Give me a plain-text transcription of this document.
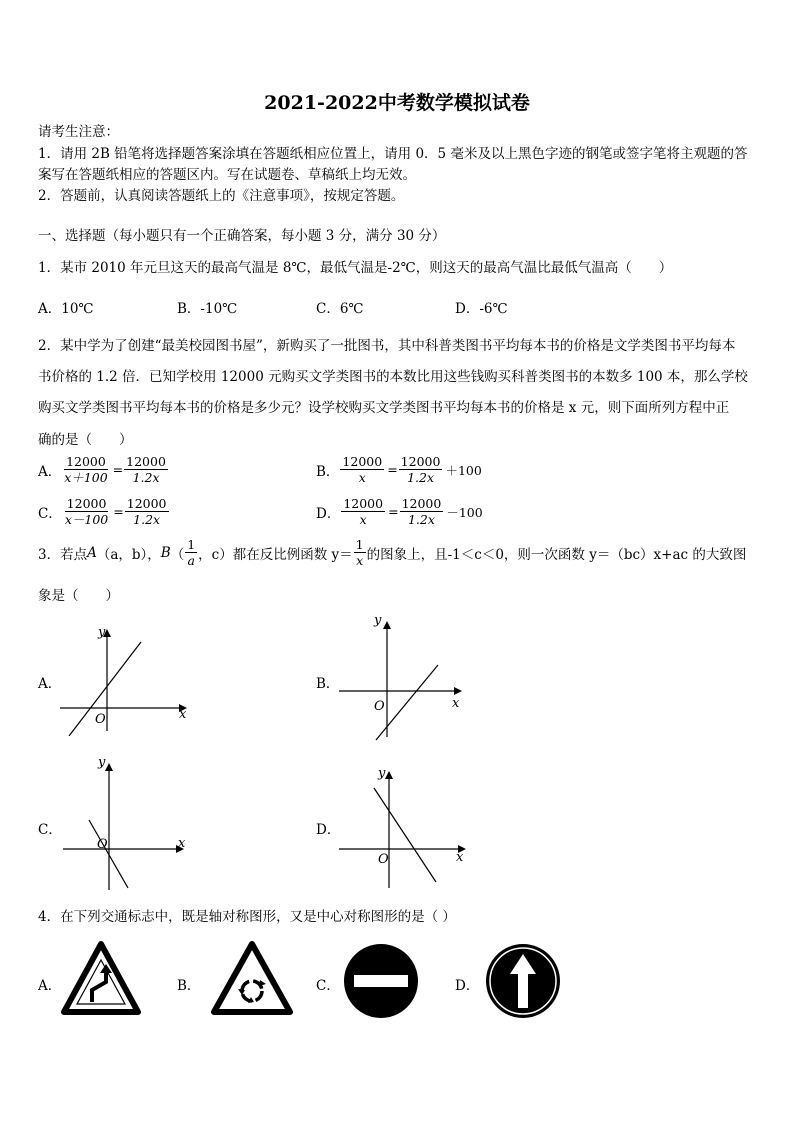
2021-2022中考数学模拟试卷
请考生注意：
1．请用 2B 铅笔将选择题答案涂填在答题纸相应位置上，请用 0．5 毫米及以上黑色字迹的钢笔或签字笔将主观题的答
案写在答题纸相应的答题区内。写在试题卷、草稿纸上均无效。
2．答题前，认真阅读答题纸上的《注意事项》，按规定答题。
一、选择题（每小题只有一个正确答案，每小题 3 分，满分 30 分）
1．某市 2010 年元旦这天的最高气温是 8℃，最低气温是-2℃，则这天的最高气温比最低气温高（　　）
A．10℃	B．-10℃	C．6℃	D．-6℃
2．某中学为了创建“最美校园图书屋”，新购买了一批图书，其中科普类图书平均每本书的价格是文学类图书平均每本
书价格的 1.2 倍．已知学校用 12000 元购买文学类图书的本数比用这些钱购买科普类图书的本数多 100 本，那么学校
购买文学类图书平均每本书的价格是多少元？设学校购买文学类图书平均每本书的价格是 x 元，则下面所列方程中正
确的是（　　）
A． $\frac{12000}{x+100} = \frac{12000}{1.2x}$	B． $\frac{12000}{x} = \frac{12000}{1.2x} +100$
C． $\frac{12000}{x-100} = \frac{12000}{1.2x}$	D． $\frac{12000}{x} = \frac{12000}{1.2x} -100$
3．若点 A （a，b）， B （ $\frac{1}{a}$ ，c）都在反比例函数 $y= \frac{1}{x}$ 的图象上，且-1＜c＜0，则一次函数 y＝（bc）x+ac 的大致图
象是（　　）
A．
y
x
O
B．
y
x
O
C．
y
x
O
D．
y
x
O
4．在下列交通标志中，既是轴对称图形，又是中心对称图形的是（ ）
A．	B．	C．	D．
